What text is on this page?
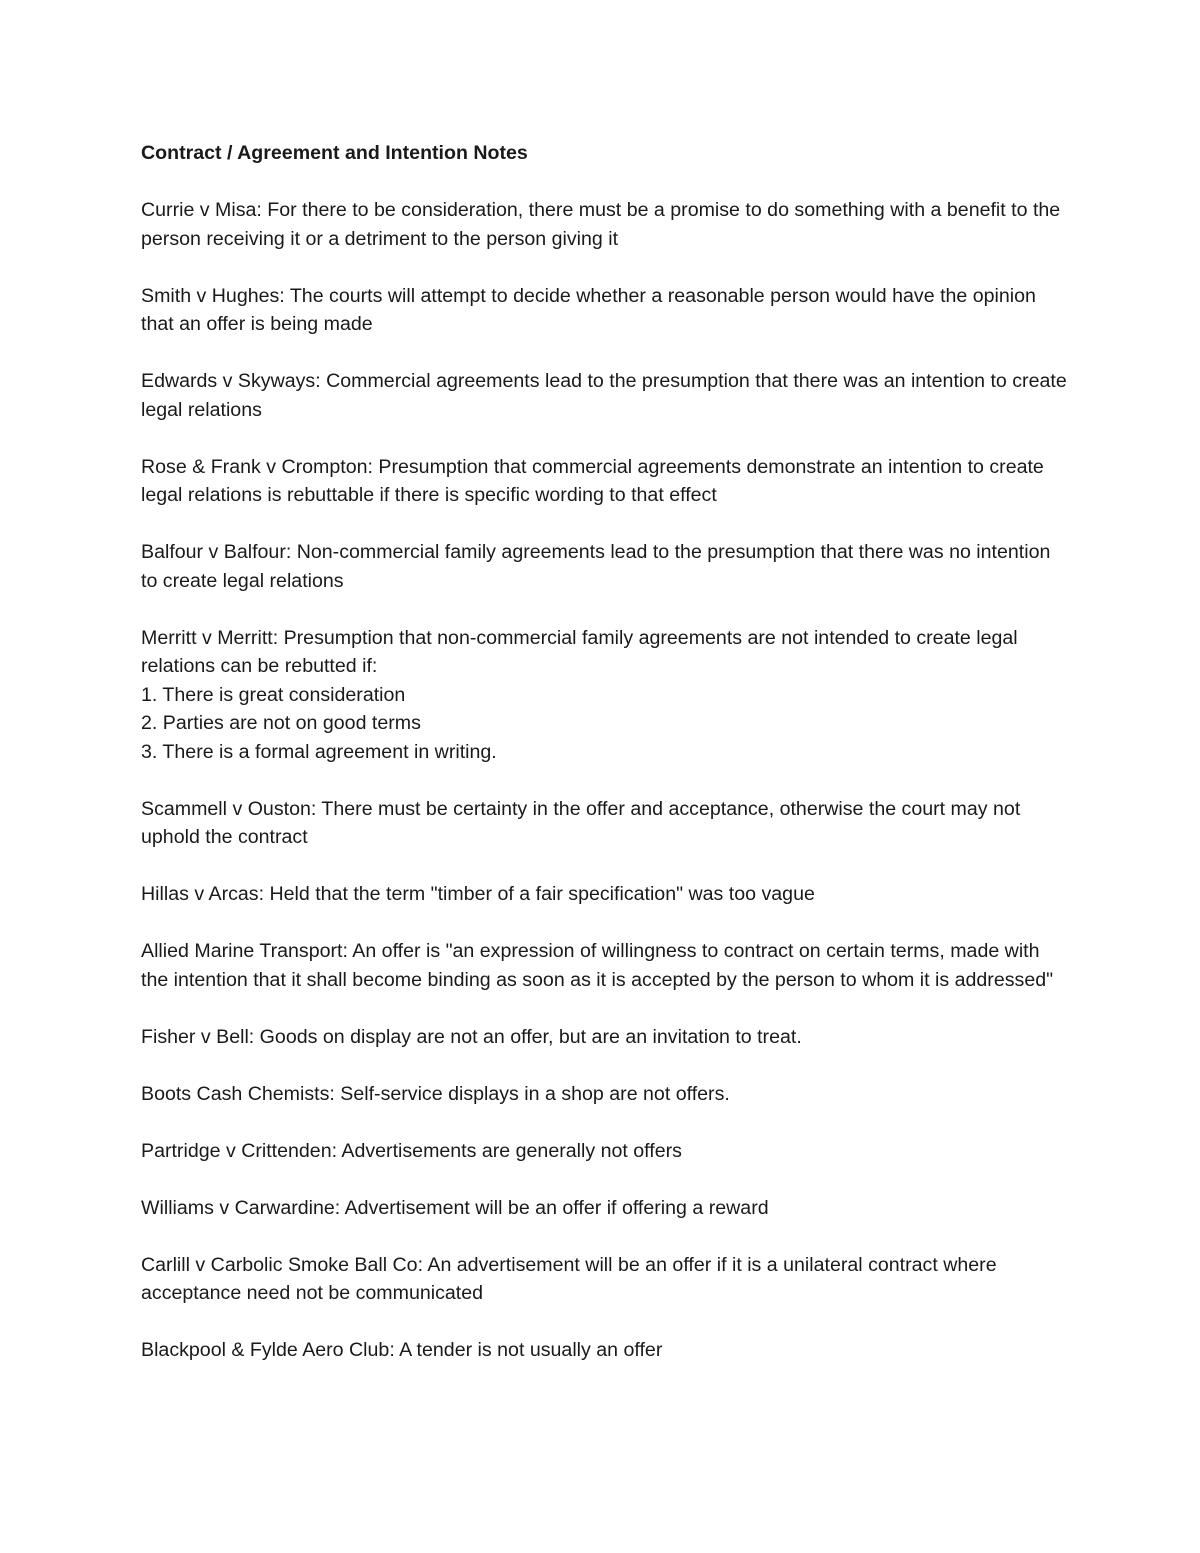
Contract / Agreement and Intention Notes

Currie v Misa: For there to be consideration, there must be a promise to do something with a benefit to the person receiving it or a detriment to the person giving it

Smith v Hughes: The courts will attempt to decide whether a reasonable person would have the opinion that an offer is being made

Edwards v Skyways: Commercial agreements lead to the presumption that there was an intention to create legal relations

Rose & Frank v Crompton: Presumption that commercial agreements demonstrate an intention to create legal relations is rebuttable if there is specific wording to that effect

Balfour v Balfour: Non-commercial family agreements lead to the presumption that there was no intention to create legal relations

Merritt v Merritt: Presumption that non-commercial family agreements are not intended to create legal relations can be rebutted if:
1. There is great consideration
2. Parties are not on good terms
3. There is a formal agreement in writing.

Scammell v Ouston: There must be certainty in the offer and acceptance, otherwise the court may not uphold the contract

Hillas v Arcas: Held that the term "timber of a fair specification" was too vague

Allied Marine Transport: An offer is "an expression of willingness to contract on certain terms, made with the intention that it shall become binding as soon as it is accepted by the person to whom it is addressed"

Fisher v Bell: Goods on display are not an offer, but are an invitation to treat.

Boots Cash Chemists: Self-service displays in a shop are not offers.

Partridge v Crittenden: Advertisements are generally not offers

Williams v Carwardine: Advertisement will be an offer if offering a reward

Carlill v Carbolic Smoke Ball Co: An advertisement will be an offer if it is a unilateral contract where acceptance need not be communicated

Blackpool & Fylde Aero Club: A tender is not usually an offer
